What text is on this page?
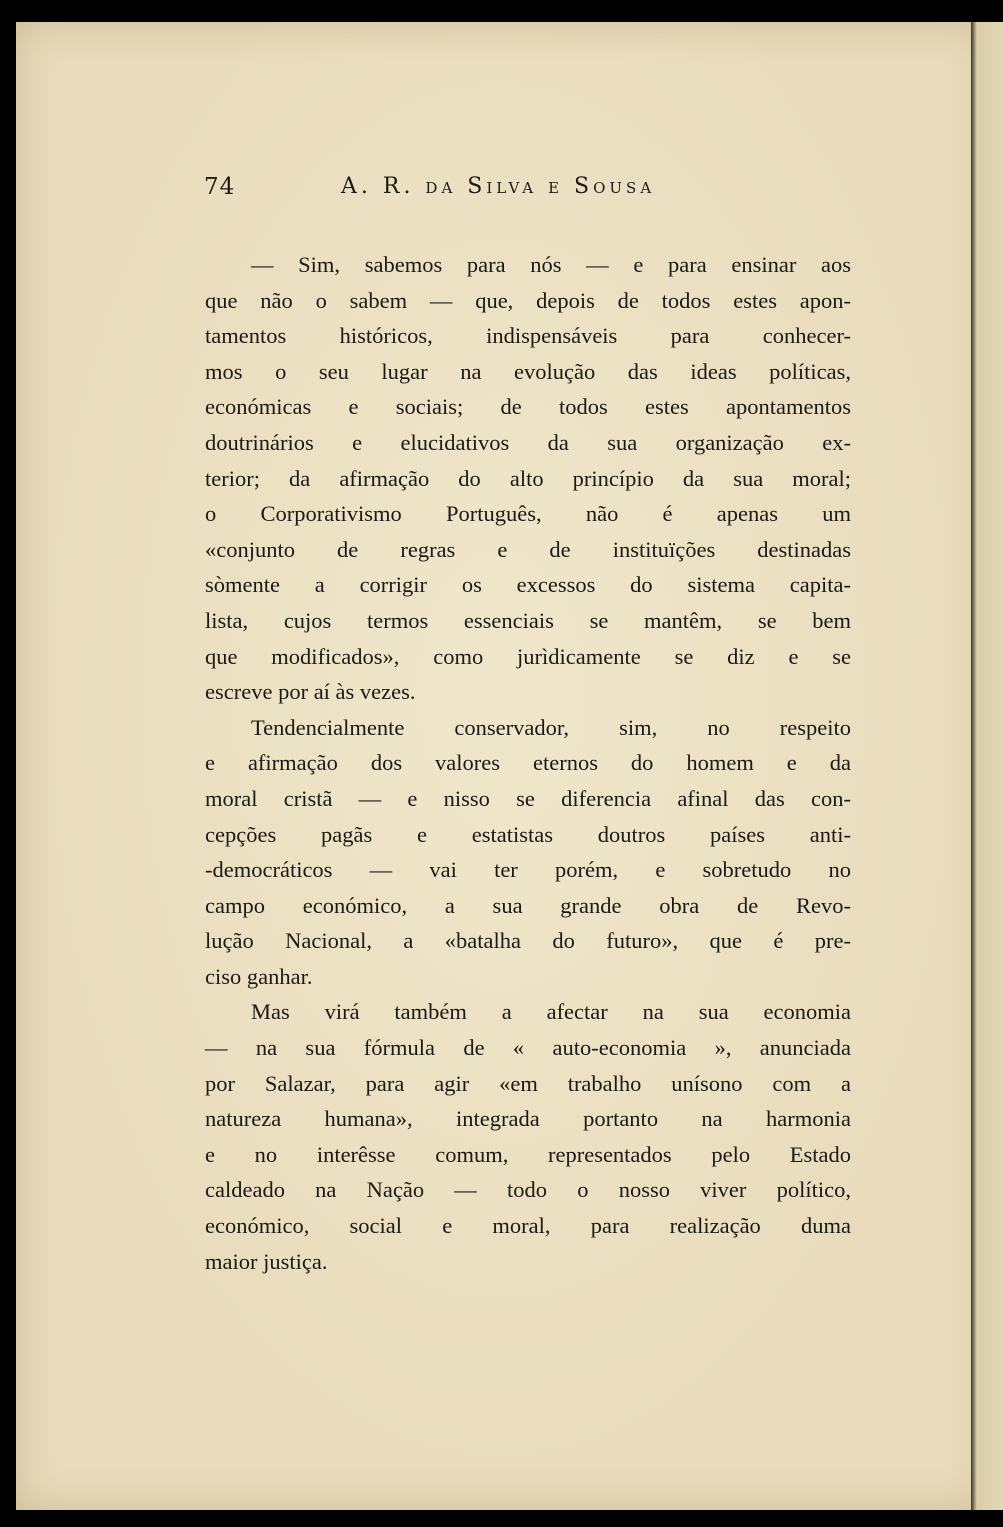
74	A. R. da Silva e Sousa
— Sim, sabemos para nós — e para ensinar aos
que não o sabem — que, depois de todos estes apon-
tamentos históricos, indispensáveis para conhecer-
mos o seu lugar na evolução das ideas políticas,
económicas e sociais; de todos estes apontamentos
doutrinários e elucidativos da sua organização ex-
terior; da afirmação do alto princípio da sua moral;
o Corporativismo Português, não é apenas um
«conjunto de regras e de instituïções destinadas
sòmente a corrigir os excessos do sistema capita-
lista, cujos termos essenciais se mantêm, se bem
que modificados», como jurìdicamente se diz e se
escreve por aí às vezes.
Tendencialmente conservador, sim, no respeito
e afirmação dos valores eternos do homem e da
moral cristã — e nisso se diferencia afinal das con-
cepções pagãs e estatistas doutros países anti-
-democráticos — vai ter porém, e sobretudo no
campo económico, a sua grande obra de Revo-
lução Nacional, a «batalha do futuro», que é pre-
ciso ganhar.
Mas virá também a afectar na sua economia
— na sua fórmula de « auto-economia », anunciada
por Salazar, para agir «em trabalho unísono com a
natureza humana», integrada portanto na harmonia
e no interêsse comum, representados pelo Estado
caldeado na Nação — todo o nosso viver político,
económico, social e moral, para realização duma
maior justiça.
